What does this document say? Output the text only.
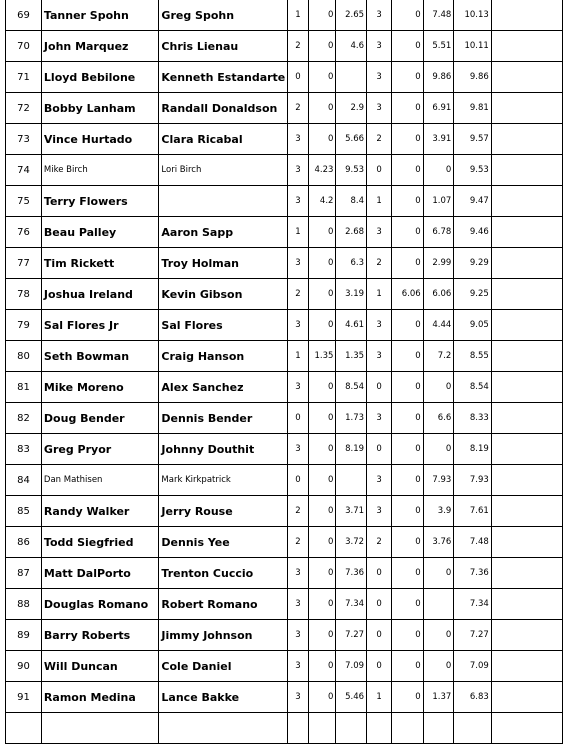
69	Tanner Spohn	Greg Spohn	1	0	2.65	3	0	7.48	10.13	
70	John Marquez	Chris Lienau	2	0	4.6	3	0	5.51	10.11	
71	Lloyd Bebilone	Kenneth Estandarte	0	0		3	0	9.86	9.86	
72	Bobby Lanham	Randall Donaldson	2	0	2.9	3	0	6.91	9.81	
73	Vince Hurtado	Clara Ricabal	3	0	5.66	2	0	3.91	9.57	
74	Mike Birch	Lori Birch	3	4.23	9.53	0	0	0	9.53	
75	Terry Flowers		3	4.2	8.4	1	0	1.07	9.47	
76	Beau Palley	Aaron Sapp	1	0	2.68	3	0	6.78	9.46	
77	Tim Rickett	Troy Holman	3	0	6.3	2	0	2.99	9.29	
78	Joshua Ireland	Kevin Gibson	2	0	3.19	1	6.06	6.06	9.25	
79	Sal Flores Jr	Sal Flores	3	0	4.61	3	0	4.44	9.05	
80	Seth Bowman	Craig Hanson	1	1.35	1.35	3	0	7.2	8.55	
81	Mike Moreno	Alex Sanchez	3	0	8.54	0	0	0	8.54	
82	Doug Bender	Dennis Bender	0	0	1.73	3	0	6.6	8.33	
83	Greg Pryor	Johnny Douthit	3	0	8.19	0	0	0	8.19	
84	Dan Mathisen	Mark Kirkpatrick	0	0		3	0	7.93	7.93	
85	Randy Walker	Jerry Rouse	2	0	3.71	3	0	3.9	7.61	
86	Todd Siegfried	Dennis Yee	2	0	3.72	2	0	3.76	7.48	
87	Matt DalPorto	Trenton Cuccio	3	0	7.36	0	0	0	7.36	
88	Douglas Romano	Robert Romano	3	0	7.34	0	0		7.34	
89	Barry Roberts	Jimmy Johnson	3	0	7.27	0	0	0	7.27	
90	Will Duncan	Cole Daniel	3	0	7.09	0	0	0	7.09	
91	Ramon Medina	Lance Bakke	3	0	5.46	1	0	1.37	6.83	
